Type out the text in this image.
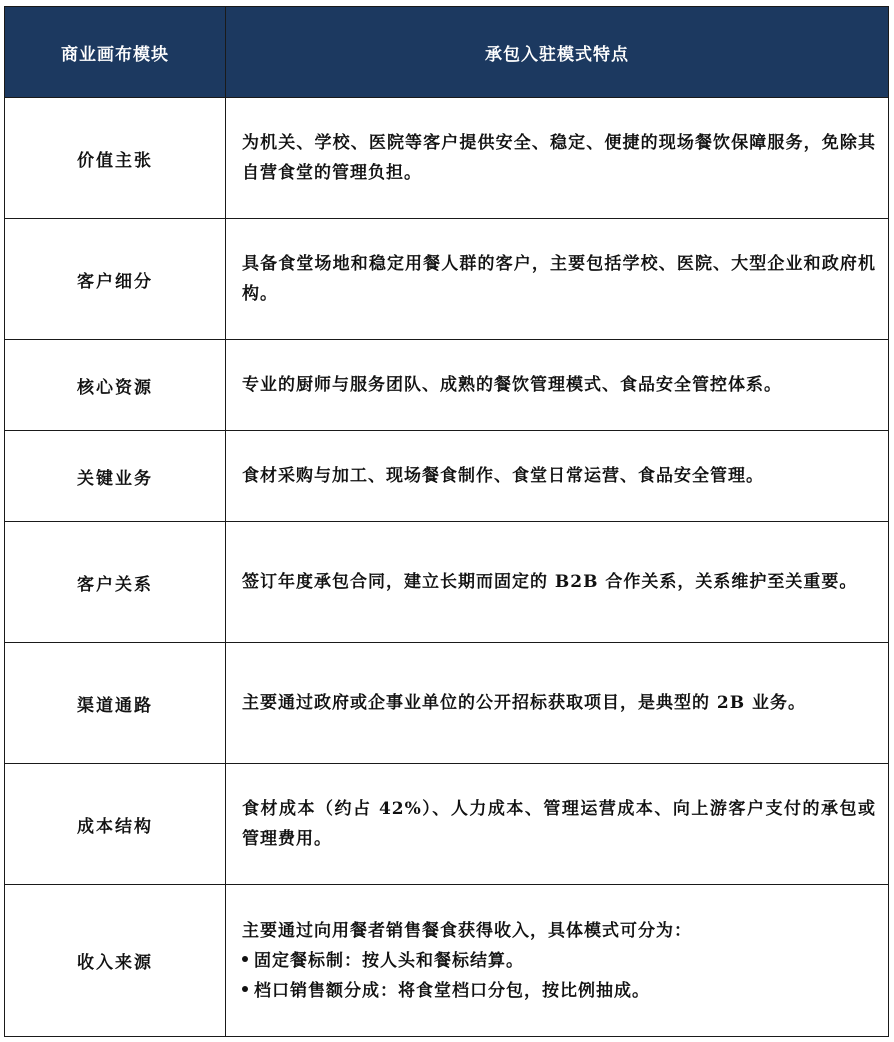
商业画布模块	承包入驻模式特点
价值主张	为机关、学校、医院等客户提供安全、稳定、便捷的现场餐饮保障服务，免除其自营食堂的管理负担。
客户细分	具备食堂场地和稳定用餐人群的客户，主要包括学校、医院、大型企业和政府机构。
核心资源	专业的厨师与服务团队、成熟的餐饮管理模式、食品安全管控体系。
关键业务	食材采购与加工、现场餐食制作、食堂日常运营、食品安全管理。
客户关系	签订年度承包合同，建立长期而固定的 B2B 合作关系，关系维护至关重要。
渠道通路	主要通过政府或企事业单位的公开招标获取项目，是典型的 2B 业务。
成本结构	食材成本（约占 42%）、人力成本、管理运营成本、向上游客户支付的承包或管理费用。
收入来源	主要通过向用餐者销售餐食获得收入，具体模式可分为：
固定餐标制：按人头和餐标结算。
档口销售额分成：将食堂档口分包，按比例抽成。
